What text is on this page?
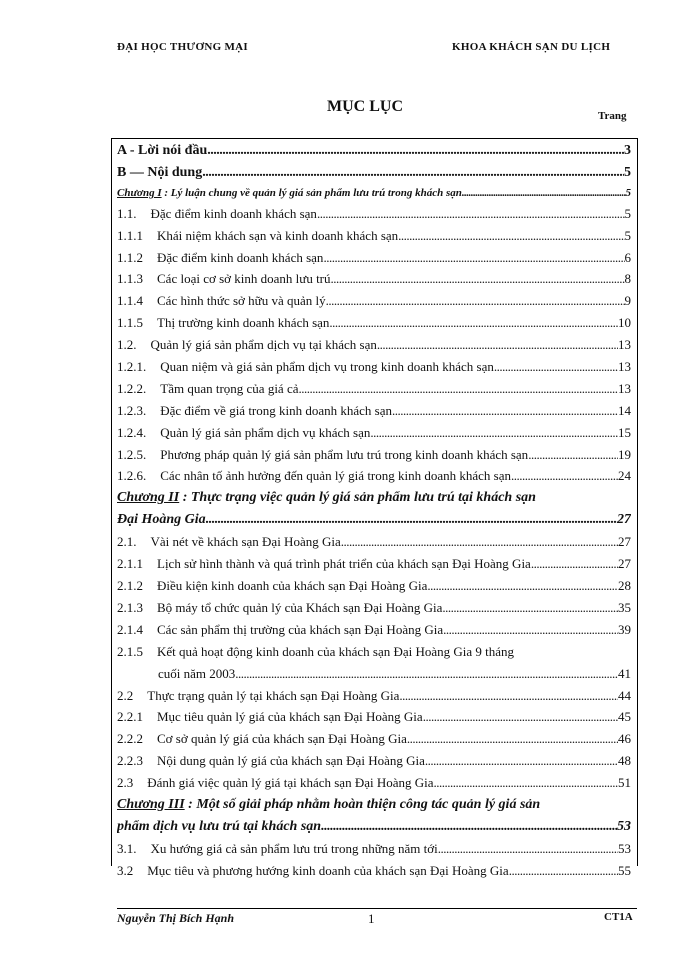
ĐẠI HỌC THƯƠNG MẠI	KHOA KHÁCH SẠN DU LỊCH
MỤC LỤC
Trang
A - Lời nói đầu .....	3
B — Nội dung .....	5
Chương I : Lý luận chung về quản lý giá sản phẩm lưu trú trong khách sạn .....	5
1.1. Đặc điểm kinh doanh khách sạn .....	5
1.1.1 Khái niệm khách sạn và kinh doanh khách sạn .....	5
1.1.2 Đặc điểm kinh doanh khách sạn .....	6
1.1.3 Các loại cơ sở kinh doanh lưu trú .....	8
1.1.4 Các hình thức sở hữu và quản lý .....	9
1.1.5 Thị trường kinh doanh khách sạn .....	10
1.2. Quản lý giá sản phẩm dịch vụ tại khách sạn .....	13
1.2.1. Quan niệm và giá sản phẩm dịch vụ trong kinh doanh khách sạn .....	13
1.2.2. Tầm quan trọng của giá cả .....	13
1.2.3. Đặc điểm về giá trong kinh doanh khách sạn .....	14
1.2.4. Quản lý giá sản phẩm dịch vụ khách sạn .....	15
1.2.5. Phương pháp quản lý giá sản phẩm lưu trú trong kinh doanh khách sạn .....	19
1.2.6. Các nhân tố ảnh hưởng đến quản lý giá trong kinh doanh khách sạn .....	24
Chương II : Thực trạng việc quản lý giá sản phẩm lưu trú tại khách sạn
Đại Hoàng Gia .....	27
2.1. Vài nét về khách sạn Đại Hoàng Gia .....	27
2.1.1 Lịch sử hình thành và quá trình phát triển của khách sạn Đại Hoàng Gia .....	27
2.1.2 Điều kiện kinh doanh của khách sạn Đại Hoàng Gia .....	28
2.1.3 Bộ máy tổ chức quản lý của Khách sạn Đại Hoàng Gia .....	35
2.1.4 Các sản phẩm thị trường của khách sạn Đại Hoàng Gia .....	39
2.1.5 Kết quả hoạt động kinh doanh của khách sạn Đại Hoàng Gia 9 tháng
cuối năm 2003 .....	41
2.2 Thực trạng quản lý tại khách sạn Đại Hoàng Gia .....	44
2.2.1 Mục tiêu quản lý giá của khách sạn Đại Hoàng Gia .....	45
2.2.2 Cơ sở quản lý giá của khách sạn Đại Hoàng Gia .....	46
2.2.3 Nội dung quản lý giá của khách sạn Đại Hoàng Gia .....	48
2.3 Đánh giá việc quản lý giá tại khách sạn Đại Hoàng Gia .....	51
Chương III : Một số giải pháp nhằm hoàn thiện công tác quản lý giá sản
phẩm dịch vụ lưu trú tại khách sạn .....	53
3.1. Xu hướng giá cả sản phẩm lưu trú trong những năm tới .....	53
3.2 Mục tiêu và phương hướng kinh doanh của khách sạn Đại Hoàng Gia .....	55
Nguyễn Thị Bích Hạnh	1	CT1A
